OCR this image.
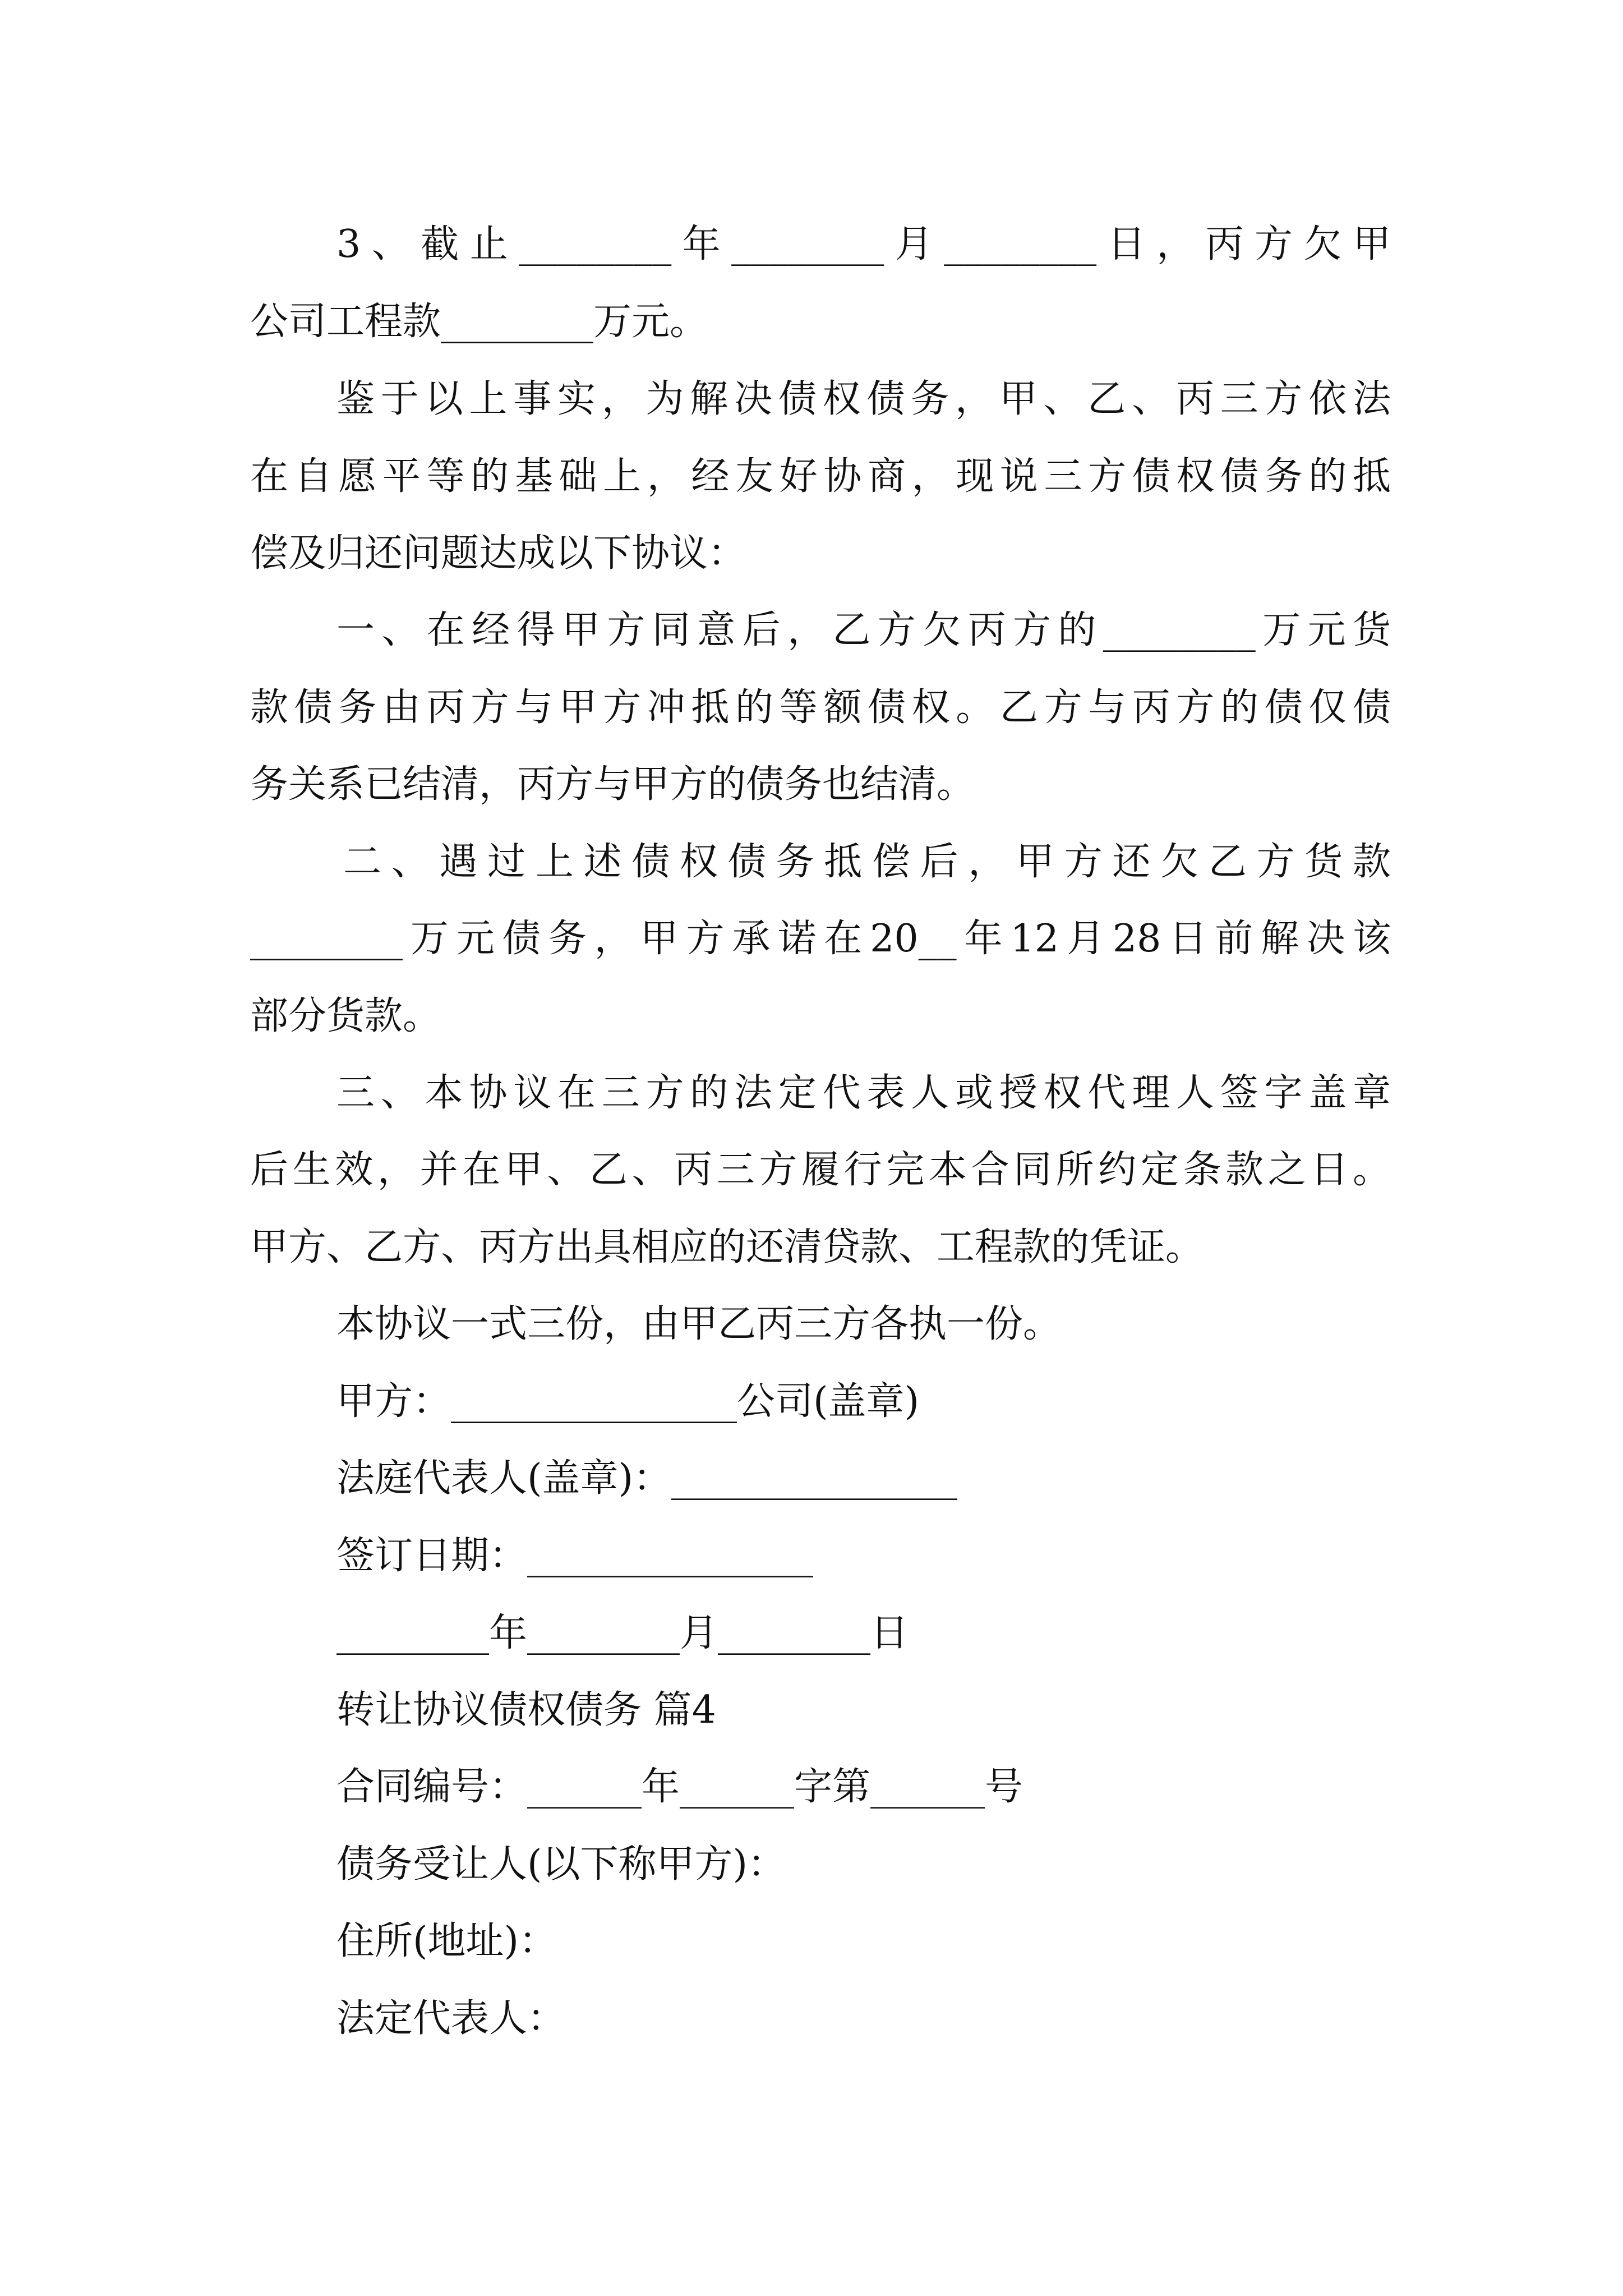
3、截止________年________月________日，丙方欠甲
公司工程款________万元。
鉴于以上事实，为解决债权债务，甲、乙、丙三方依法
在自愿平等的基础上，经友好协商，现说三方债权债务的抵
偿及归还问题达成以下协议：
一、在经得甲方同意后，乙方欠丙方的________万元货
款债务由丙方与甲方冲抵的等额债权。乙方与丙方的债仅债
务关系已结清，丙方与甲方的债务也结清。
二、遇过上述债权债务抵偿后，甲方还欠乙方货款
________万元债务，甲方承诺在20__年12月28日前解决该
部分货款。
三、本协议在三方的法定代表人或授权代理人签字盖章
后生效，并在甲、乙、丙三方履行完本合同所约定条款之日。
甲方、乙方、丙方出具相应的还清贷款、工程款的凭证。
本协议一式三份，由甲乙丙三方各执一份。
甲方：_______________公司(盖章)
法庭代表人(盖章)：_______________
签订日期：_______________
________年________月________日
转让协议债权债务 篇4
合同编号：______年______字第______号
债务受让人(以下称甲方)：
住所(地址)：
法定代表人：
